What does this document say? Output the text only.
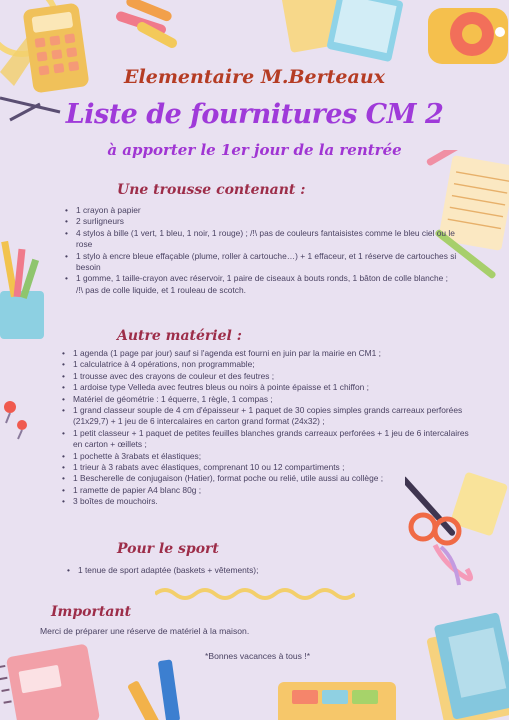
Elementaire M.Berteaux
Liste de fournitures CM 2
à apporter le 1er jour de la rentrée
Une trousse contenant :
• 1 crayon à papier
• 2 surligneurs
• 4 stylos à bille (1 vert, 1 bleu, 1 noir, 1 rouge) ; /!\ pas de couleurs fantaisistes comme le bleu ciel ou le rose
• 1 stylo à encre bleue effaçable (plume, roller à cartouche…) + 1 effaceur, et 1 réserve de cartouches si besoin
• 1 gomme, 1 taille-crayon avec réservoir, 1 paire de ciseaux à bouts ronds, 1 bâton de colle blanche ; /!\ pas de colle liquide, et 1 rouleau de scotch.
Autre matériel :
• 1 agenda (1 page par jour) sauf si l'agenda est fourni en juin par la mairie en CM1 ;
• 1 calculatrice à 4 opérations, non programmable;
• 1 trousse avec des crayons de couleur et des feutres ;
• 1 ardoise type Velleda avec feutres bleus ou noirs à pointe épaisse et 1 chiffon ;
• Matériel de géométrie : 1 équerre, 1 règle, 1 compas ;
• 1 grand classeur souple de 4 cm d'épaisseur + 1 paquet de 30 copies simples grands carreaux perforées (21x29,7) + 1 jeu de 6 intercalaires en carton grand format (24x32) ;
• 1 petit classeur + 1 paquet de petites feuilles blanches grands carreaux perforées + 1 jeu de 6 intercalaires en carton + œillets ;
• 1 pochette à 3rabats et élastiques;
• 1 trieur à 3 rabats avec élastiques, comprenant 10 ou 12 compartiments ;
• 1 Bescherelle de conjugaison (Hatier), format poche ou relié, utile aussi au collège ;
• 1 ramette de papier A4 blanc 80g ;
• 3 boîtes de mouchoirs.
Pour le sport
• 1 tenue de sport adaptée (baskets + vêtements);
Important
Merci de préparer une réserve de matériel à la maison.
*Bonnes vacances à tous !*
